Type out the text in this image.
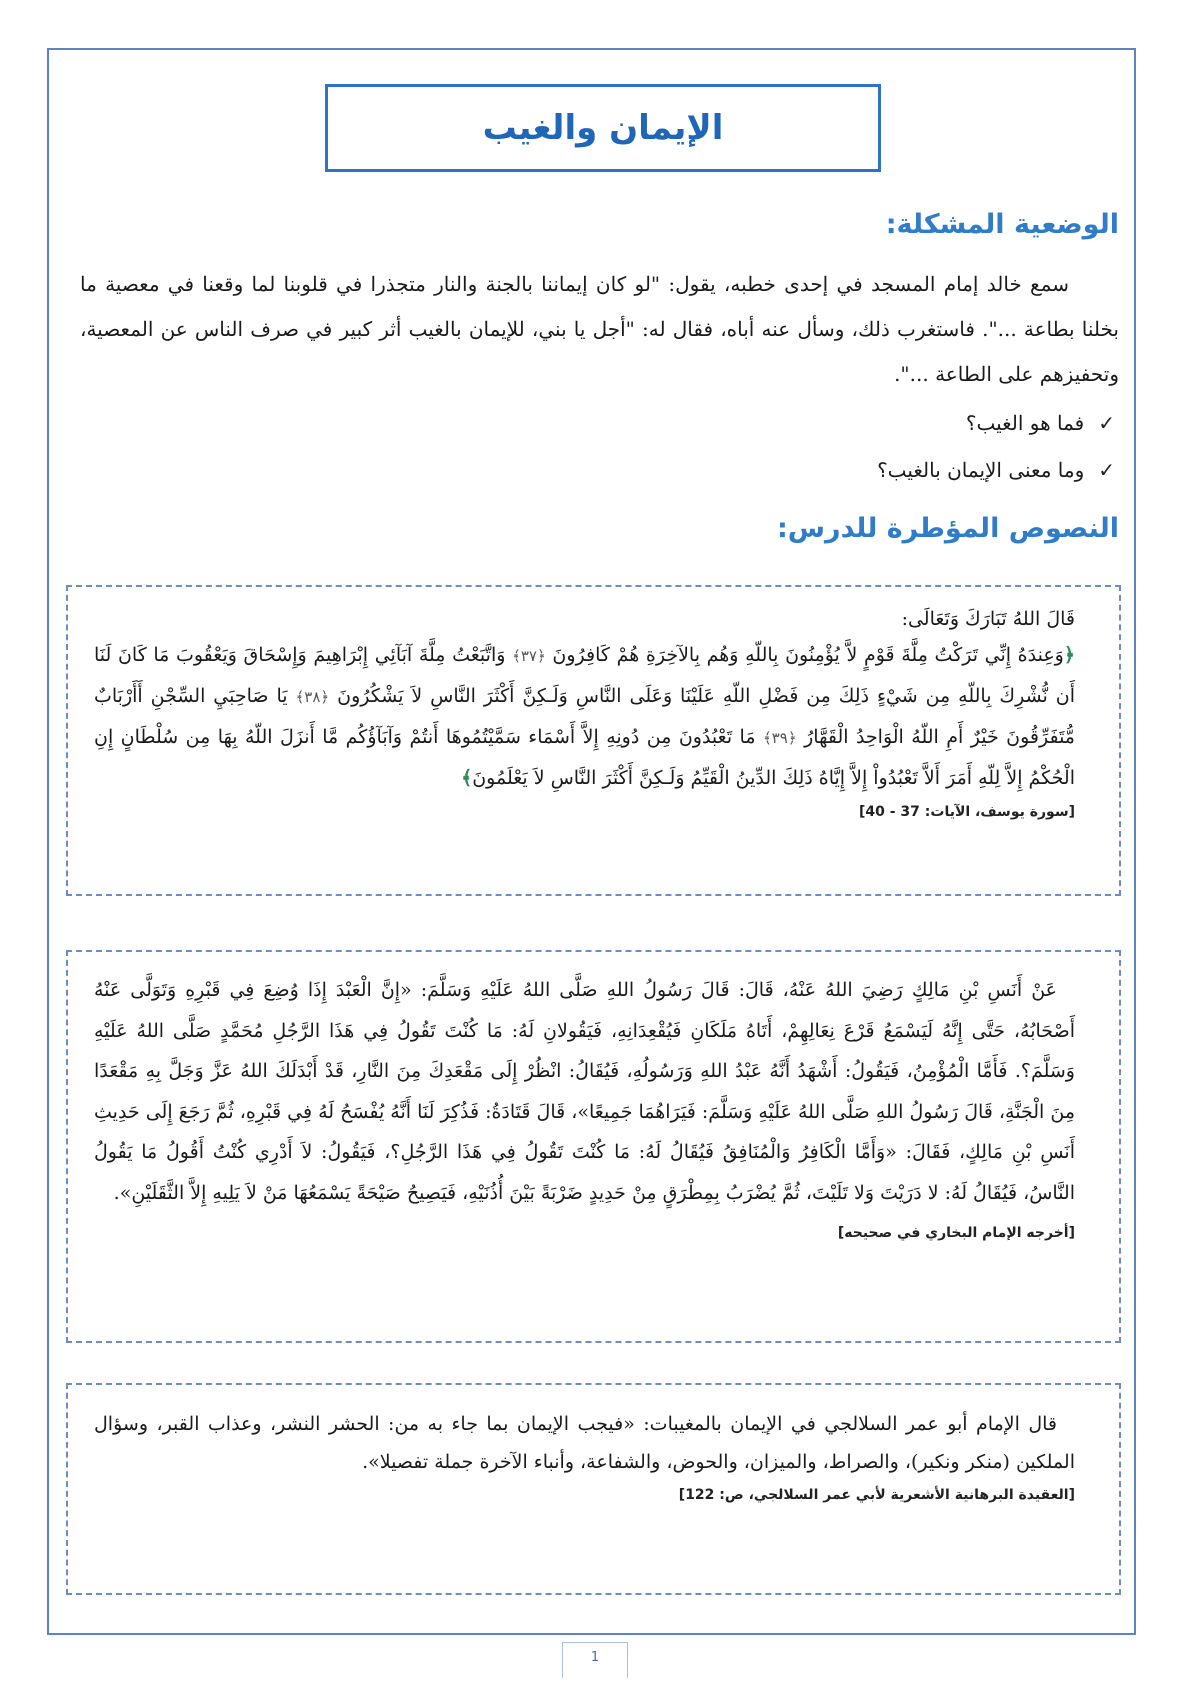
الإيمان والغيب
الوضعية المشكلة:

سمع خالد إمام المسجد في إحدى خطبه، يقول: "لو كان إيماننا بالجنة والنار متجذرا في قلوبنا لما وقعنا في معصية ما بخلنا بطاعة ...". فاستغرب ذلك، وسأل عنه أباه، فقال له: "أجل يا بني، للإيمان بالغيب أثر كبير في صرف الناس عن المعصية، وتحفيزهم على الطاعة ...".

✓
فما هو الغيب؟
✓
وما معنى الإيمان بالغيب؟
النصوص المؤطرة للدرس:

قَالَ اللهُ تَبَارَكَ وَتَعَالَى:

﴿وَعِندَهُ إِنِّي تَرَكْتُ مِلَّةَ قَوْمٍ لاَّ يُؤْمِنُونَ بِاللّهِ وَهُم بِالآخِرَةِ هُمْ كَافِرُونَ ﴿٣٧﴾ وَاتَّبَعْتُ مِلَّةَ آبَآئِي إِبْرَاهِيمَ وَإِسْحَاقَ وَيَعْقُوبَ مَا كَانَ لَنَا أَن نُّشْرِكَ بِاللّهِ مِن شَيْءٍ ذَلِكَ مِن فَضْلِ اللّهِ عَلَيْنَا وَعَلَى النَّاسِ وَلَـكِنَّ أَكْثَرَ النَّاسِ لاَ يَشْكُرُونَ ﴿٣٨﴾ يَا صَاحِبَيِ السِّجْنِ أَأَرْبَابٌ مُّتَفَرِّقُونَ خَيْرٌ أَمِ اللّهُ الْوَاحِدُ الْقَهَّارُ ﴿٣٩﴾ مَا تَعْبُدُونَ مِن دُونِهِ إِلاَّ أَسْمَاء سَمَّيْتُمُوهَا أَنتُمْ وَآبَآؤُكُم مَّا أَنزَلَ اللّهُ بِهَا مِن سُلْطَانٍ إِنِ الْحُكْمُ إِلاَّ لِلّهِ أَمَرَ أَلاَّ تَعْبُدُواْ إِلاَّ إِيَّاهُ ذَلِكَ الدِّينُ الْقَيِّمُ وَلَـكِنَّ أَكْثَرَ النَّاسِ لاَ يَعْلَمُونَ﴾

[سورة يوسف، الآيات: 37 - 40]

عَنْ أَنَسِ بْنِ مَالِكٍ رَضِيَ اللهُ عَنْهُ، قَالَ: قَالَ رَسُولُ اللهِ صَلَّى اللهُ عَلَيْهِ وَسَلَّمَ: «إِنَّ الْعَبْدَ إِذَا وُضِعَ فِي قَبْرِهِ وَتَوَلَّى عَنْهُ أَصْحَابُهُ، حَتَّى إِنَّهُ لَيَسْمَعُ قَرْعَ نِعَالِهِمْ، أَتَاهُ مَلَكَانِ فَيُقْعِدَانِهِ، فَيَقُولانِ لَهُ: مَا كُنْتَ تَقُولُ فِي هَذَا الرَّجُلِ مُحَمَّدٍ صَلَّى اللهُ عَلَيْهِ وَسَلَّمَ؟. فَأَمَّا الْمُؤْمِنُ، فَيَقُولُ: أَشْهَدُ أَنَّهُ عَبْدُ اللهِ وَرَسُولُهِ، فَيُقَالُ: انْظُرْ إِلَى مَقْعَدِكَ مِنَ النَّارِ، قَدْ أَبْدَلَكَ اللهُ عَزَّ وَجَلَّ بِهِ مَقْعَدًا مِنَ الْجَنَّةِ، قَالَ رَسُولُ اللهِ صَلَّى اللهُ عَلَيْهِ وَسَلَّمَ: فَيَرَاهُمَا جَمِيعًا»، قَالَ قَتَادَةُ: فَذُكِرَ لَنَا أَنَّهُ يُفْسَحُ لَهُ فِي قَبْرِهِ، ثُمَّ رَجَعَ إِلَى حَدِيثِ أَنَسِ بْنِ مَالِكٍ، فَقَالَ: «وَأَمَّا الْكَافِرُ وَالْمُنَافِقُ فَيُقَالُ لَهُ: مَا كُنْتَ تَقُولُ فِي هَذَا الرَّجُلِ؟، فَيَقُولُ: لاَ أَدْرِي كُنْتُ أَقُولُ مَا يَقُولُ النَّاسُ، فَيُقَالُ لَهُ: لا دَرَيْتَ وَلا تَلَيْتَ، ثُمَّ يُضْرَبُ بِمِطْرَقٍ مِنْ حَدِيدٍ ضَرْبَةً بَيْنَ أُذُنَيْهِ، فَيَصِيحُ صَيْحَةً يَسْمَعُهَا مَنْ لاَ يَلِيهِ إِلاَّ الثَّقَلَيْنِ».

[أخرجه الإمام البخاري في صحيحه]

قال الإمام أبو عمر السلالجي في الإيمان بالمغيبات: «فيجب الإيمان بما جاء به من: الحشر النشر، وعذاب القبر، وسؤال الملكين (منكر ونكير)، والصراط، والميزان، والحوض، والشفاعة، وأنباء الآخرة جملة تفصيلا».

[العقيدة البرهانية الأشعرية لأبي عمر السلالجي، ص: 122]

1
